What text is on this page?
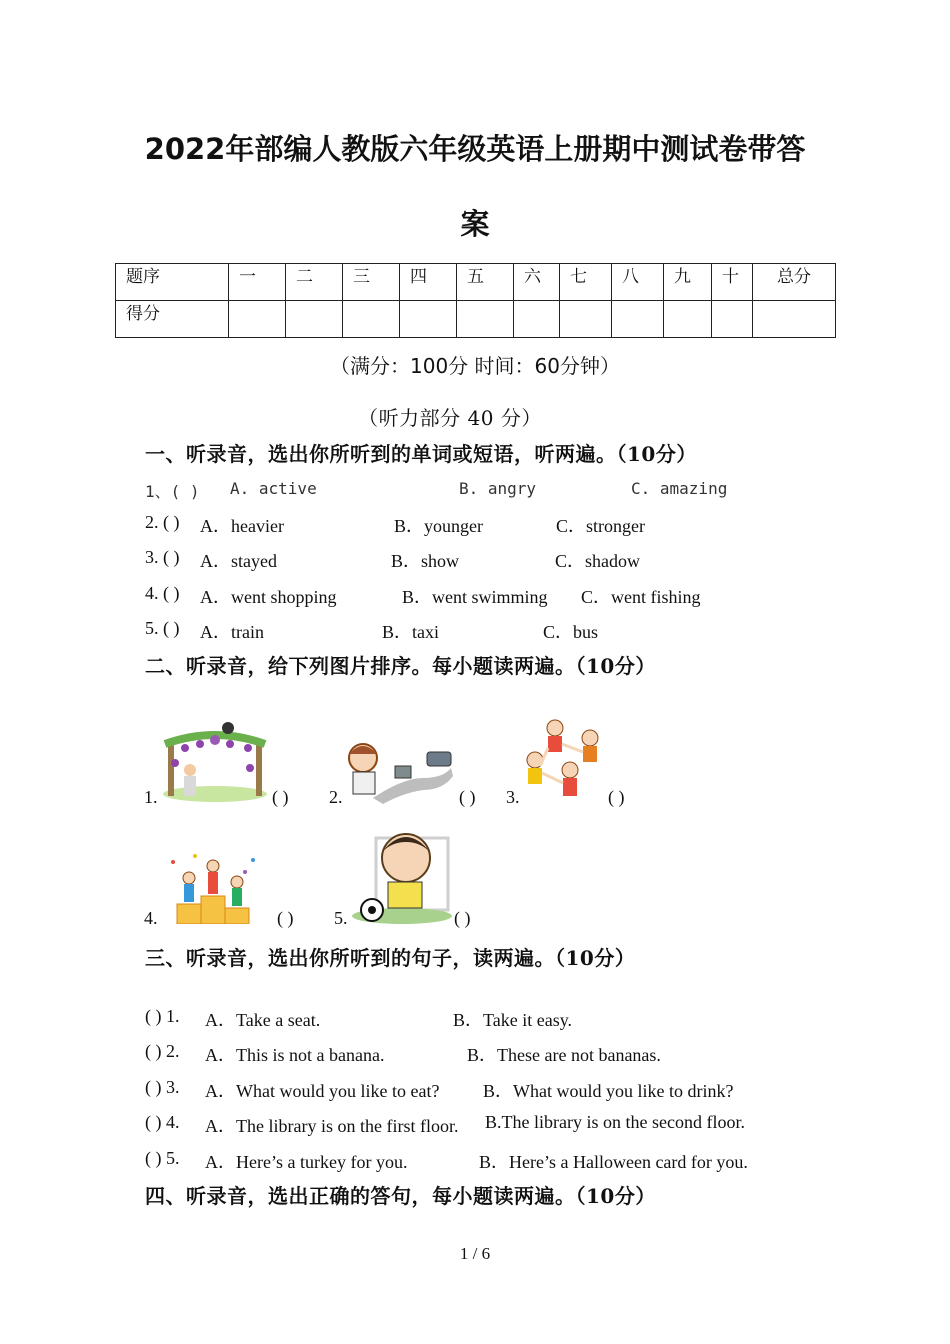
2022年部编人教版六年级英语上册期中测试卷带答
案
题序	一	二	三	四	五	六	七	八	九	十	总分
得分											
（满分：100分 时间：60分钟）
（听力部分 40 分）
一、听录音，选出你所听到的单词或短语，听两遍。（10分）
1、( ) A. active	B. angry	C. amazing
2. ( ) A．heavier	B．younger	C．stronger
3. ( ) A．stayed	B．show	C．shadow
4. ( ) A．went shopping	B．went swimming C．went fishing
5. ( ) A．train	B．taxi	C．bus
二、听录音，给下列图片排序。每小题读两遍。（10分）
1.	( ) 2.	( ) 3.	( )
4.	( ) 5.	( )
三、听录音，选出你所听到的句子，读两遍。（10分）
( ) 1. A．Take a seat.	B．Take it easy.
( ) 2. A．This is not a banana.	B．These are not bananas.
( ) 3. A．What would you like to eat? B．What would you like to drink?
( ) 4. A．The library is on the first floor. B.The library is on the second floor.
( ) 5. A．Here’s a turkey for you.	B．Here’s a Halloween card for you.
四、听录音，选出正确的答句，每小题读两遍。（10分）
1 / 6
